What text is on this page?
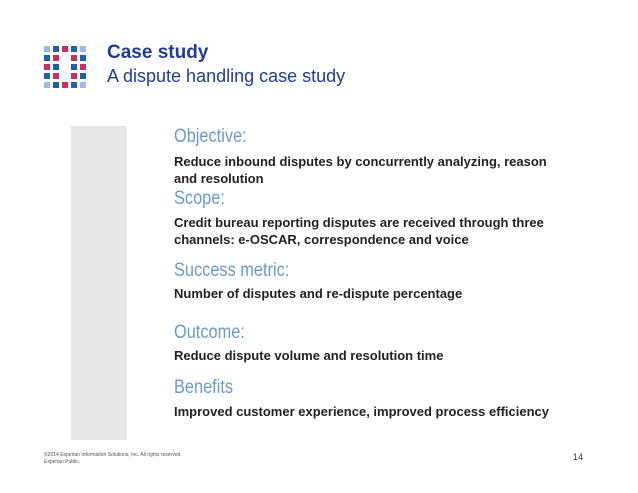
Case study
A dispute handling case study
Objective:
Reduce inbound disputes by concurrently analyzing, reason and resolution
Scope:
Credit bureau reporting disputes are received through three channels: e-OSCAR, correspondence and voice
Success metric:
Number of disputes and re-dispute percentage
Outcome:
Reduce dispute volume and resolution time
Benefits
Improved customer experience, improved process efficiency
©2014 Experian Information Solutions, Inc. All rights reserved.
Experian Public.	14
